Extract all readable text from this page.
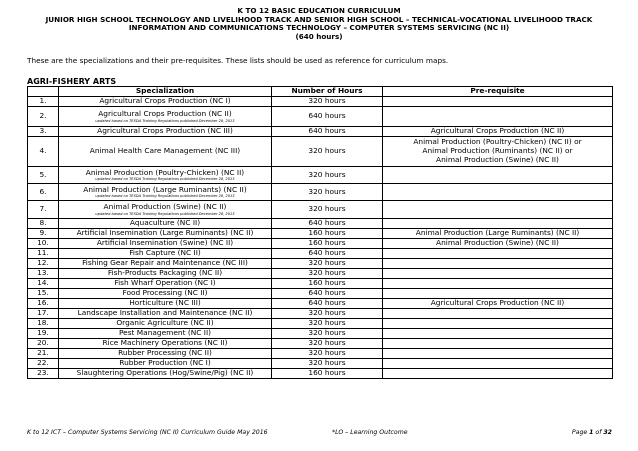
K TO 12 BASIC EDUCATION CURRICULUM
JUNIOR HIGH SCHOOL TECHNOLOGY AND LIVELIHOOD TRACK AND SENIOR HIGH SCHOOL – TECHNICAL-VOCATIONAL LIVELIHOOD TRACK
INFORMATION AND COMMUNICATIONS TECHNOLOGY – COMPUTER SYSTEMS SERVICING (NC II)
(640 hours)
These are the specializations and their pre-requisites. These lists should be used as reference for curriculum maps.
AGRI-FISHERY ARTS
	Specialization	Number of Hours	Pre-requisite
1.	Agricultural Crops Production (NC I)	320 hours	
2.	Agricultural Crops Production (NC II)
updated based on TESDA Training Regulations published December 28, 2013	640 hours	
3.	Agricultural Crops Production (NC III)	640 hours	Agricultural Crops Production (NC II)
4.	Animal Health Care Management (NC III)	320 hours	Animal Production (Poultry-Chicken) (NC II) or
Animal Production (Ruminants) (NC II) or
Animal Production (Swine) (NC II)

5.	Animal Production (Poultry-Chicken) (NC II)
updated based on TESDA Training Regulations published December 28, 2013	320 hours	
6.	Animal Production (Large Ruminants) (NC II)
updated based on TESDA Training Regulations published December 28, 2013	320 hours	
7.	Animal Production (Swine) (NC II)
updated based on TESDA Training Regulations published December 28, 2013	320 hours	
8.	Aquaculture (NC II)	640 hours	
9.	Artificial Insemination (Large Ruminants) (NC II)	160 hours	Animal Production (Large Ruminants) (NC II)
10.	Artificial Insemination (Swine) (NC II)	160 hours	Animal Production (Swine) (NC II)
11.	Fish Capture (NC II)	640 hours	
12.	Fishing Gear Repair and Maintenance (NC III)	320 hours	
13.	Fish-Products Packaging (NC II)	320 hours	
14.	Fish Wharf Operation (NC I)	160 hours	
15.	Food Processing (NC II)	640 hours	
16.	Horticulture (NC III)	640 hours	Agricultural Crops Production (NC II)
17.	Landscape Installation and Maintenance (NC II)	320 hours	
18.	Organic Agriculture (NC II)	320 hours	
19.	Pest Management (NC II)	320 hours	
20.	Rice Machinery Operations (NC II)	320 hours	
21.	Rubber Processing (NC II)	320 hours	
22.	Rubber Production (NC I)	320 hours	
23.	Slaughtering Operations (Hog/Swine/Pig) (NC II)	160 hours	
K to 12 ICT – Computer Systems Servicing (NC II) Curriculum Guide May 2016	*LO – Learning Outcome	Page 1 of 32
